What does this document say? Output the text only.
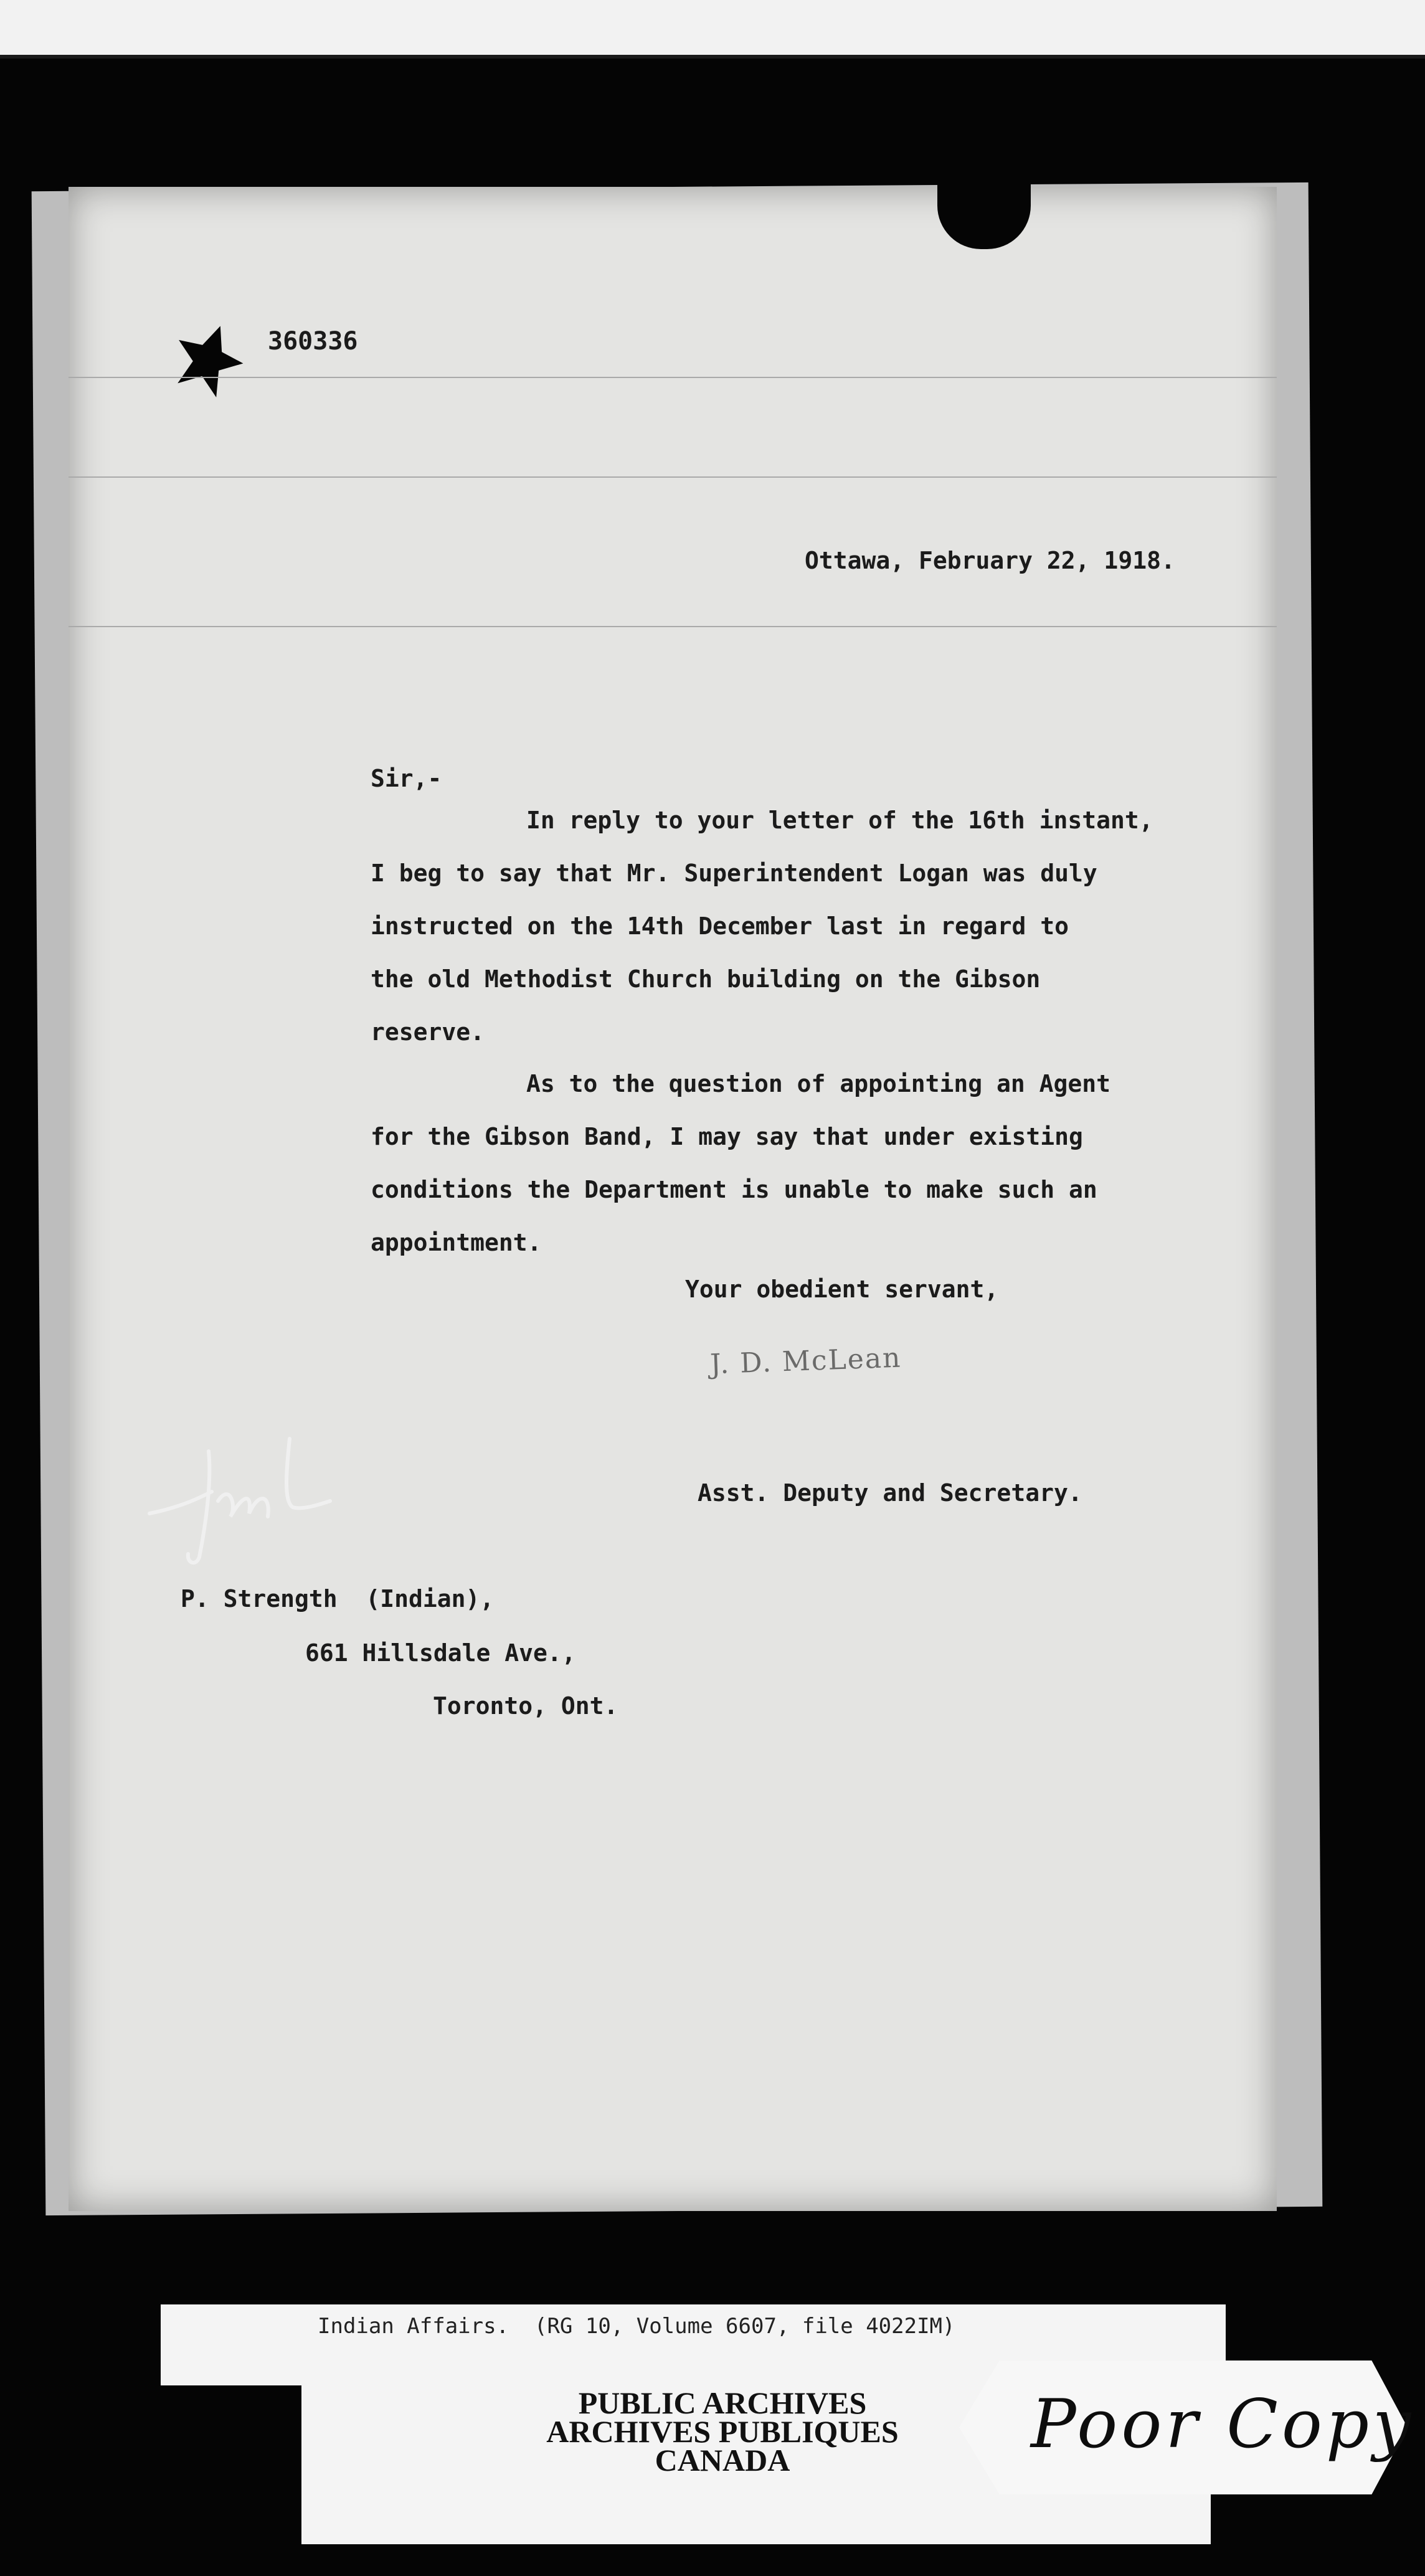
360336
Ottawa, February 22, 1918.
Sir,-
In reply to your letter of the 16th instant,
I beg to say that Mr. Superintendent Logan was duly
instructed on the 14th December last in regard to
the old Methodist Church building on the Gibson
reserve.
As to the question of appointing an Agent
for the Gibson Band, I may say that under existing
conditions the Department is unable to make such an
appointment.
Your obedient servant,
J. D. McLean
Asst. Deputy and Secretary.
P. Strength  (Indian),
661 Hillsdale Ave.,
Toronto, Ont.
Indian Affairs.  (RG 10, Volume 6607, file 4022IM)
PUBLIC ARCHIVES
ARCHIVES PUBLIQUES
CANADA	Poor Copy
